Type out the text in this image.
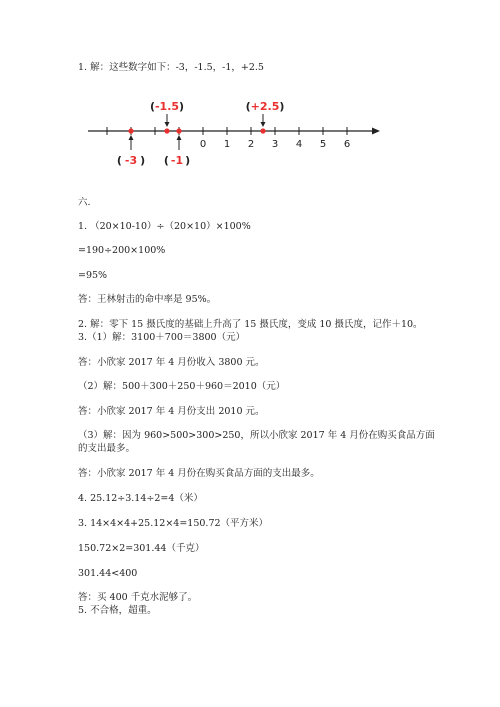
1. 解：这些数字如下：-3，-1.5，-1，+2.5
0 1 2 3 4 5 6
(-1.5)	(+2.5)
( -3 ) ( -1 )
六.
1. （20×10-10）÷（20×10）×100%
=190÷200×100%
=95%
答：王林射击的命中率是 95%。
2. 解：零下 15 摄氏度的基础上升高了 15 摄氏度，变成 10 摄氏度，记作＋10。
3.（1）解：3100＋700＝3800（元）
答：小欣家 2017 年 4 月份收入 3800 元。
（2）解：500＋300＋250＋960＝2010（元）
答：小欣家 2017 年 4 月份支出 2010 元。
（3）解：因为 960>500>300>250，所以小欣家 2017 年 4 月份在购买食品方面
的支出最多。
答：小欣家 2017 年 4 月份在购买食品方面的支出最多。
4. 25.12÷3.14÷2=4（米）
3. 14×4×4+25.12×4=150.72（平方米）
150.72×2=301.44（千克）
301.44<400
答：买 400 千克水泥够了。
5. 不合格，超重。
